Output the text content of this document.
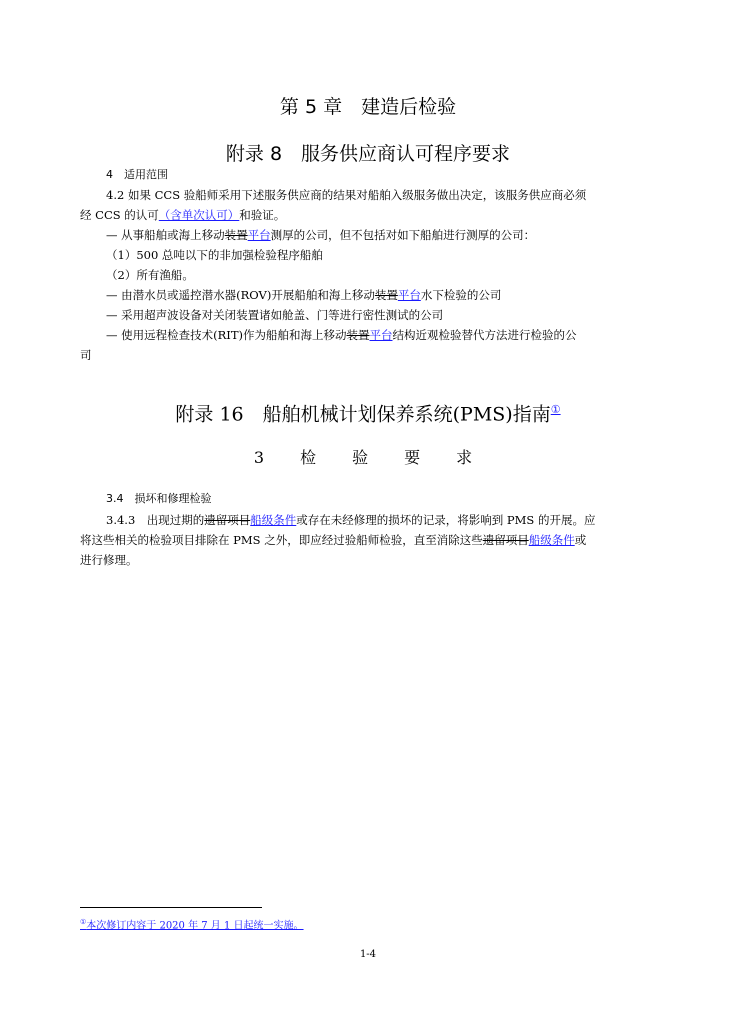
第 5 章　建造后检验
附录 8　服务供应商认可程序要求
4　适用范围
4.2 如果 CCS 验船师采用下述服务供应商的结果对船舶入级服务做出决定，该服务供应商必须
经 CCS 的认可（含单次认可）和验证。
— 从事船舶或海上移动装置平台测厚的公司，但不包括对如下船舶进行测厚的公司：
（1）500 总吨以下的非加强检验程序船舶
（2）所有渔船。
— 由潜水员或遥控潜水器(ROV)开展船舶和海上移动装置平台水下检验的公司
— 采用超声波设备对关闭装置诸如舱盖、门等进行密性测试的公司
— 使用远程检查技术(RIT)作为船舶和海上移动装置平台结构近观检验替代方法进行检验的公
司
附录 16　船舶机械计划保养系统(PMS)指南①
3　检　验　要　求
3.4　损坏和修理检验
3.4.3　出现过期的遗留项目船级条件或存在未经修理的损坏的记录，将影响到 PMS 的开展。应
将这些相关的检验项目排除在 PMS 之外，即应经过验船师检验，直至消除这些遗留项目船级条件或
进行修理。
①本次修订内容于 2020 年 7 月 1 日起统一实施。
1-4
